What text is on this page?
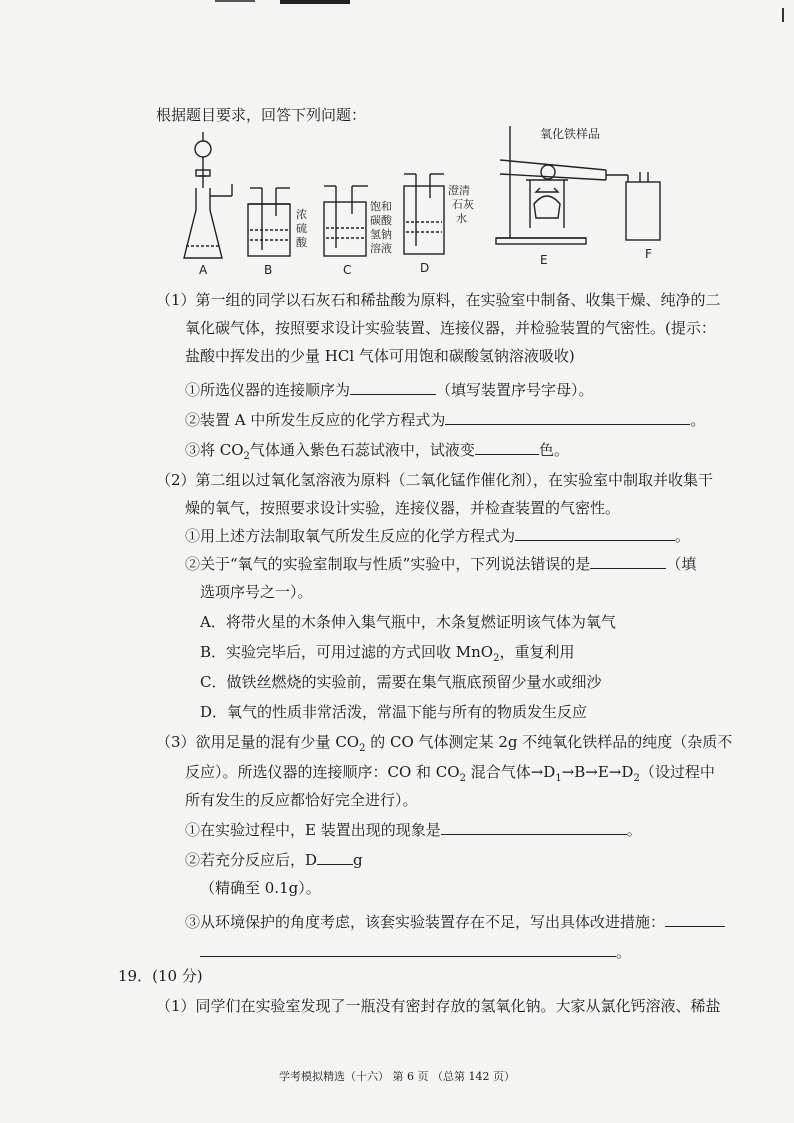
根据题目要求，回答下列问题：
A	B
浓 硫 酸
C
饱和 碳酸 氢钠 溶液
D
澄清 石灰 水
氧化铁样品
E	F
（1）第一组的同学以石灰石和稀盐酸为原料，在实验室中制备、收集干燥、纯净的二
氧化碳气体，按照要求设计实验装置、连接仪器，并检验装置的气密性。(提示：
盐酸中挥发出的少量 HCl 气体可用饱和碳酸氢钠溶液吸收)
①所选仪器的连接顺序为	（填写装置序号字母）。
②装置 A 中所发生反应的化学方程式为	。
③将 $CO_2$气体通入紫色石蕊试液中，试液变	色。
（2）第二组以过氧化氢溶液为原料（二氧化锰作催化剂），在实验室中制取并收集干
燥的氧气，按照要求设计实验，连接仪器，并检查装置的气密性。
①用上述方法制取氧气所发生反应的化学方程式为	。
②关于“氧气的实验室制取与性质”实验中，下列说法错误的是	（填
选项序号之一）。
A．将带火星的木条伸入集气瓶中，木条复燃证明该气体为氧气
B．实验完毕后，可用过滤的方式回收 MnO$_2$，重复利用
C．做铁丝燃烧的实验前，需要在集气瓶底预留少量水或细沙
D．氧气的性质非常活泼，常温下能与所有的物质发生反应
（3）欲用足量的混有少量 $CO_2$ 的 CO 气体测定某 2g 不纯氧化铁样品的纯度（杂质不
反应）。所选仪器的连接顺序：CO 和 $CO_2$ 混合气体$\to D_1\to B\to E\to D_2$（设过程中
所有发生的反应都恰好完全进行）。
①在实验过程中，E 装置出现的现象是	。
②若充分反应后，D g
（精确至 0.1g）。
③从环境保护的角度考虑，该套实验装置存在不足，写出具体改进措施：
。
19．(10 分)
（1）同学们在实验室发现了一瓶没有密封存放的氢氧化钠。大家从氯化钙溶液、稀盐
学考模拟精选（十六） 第 6 页 （总第 142 页）
